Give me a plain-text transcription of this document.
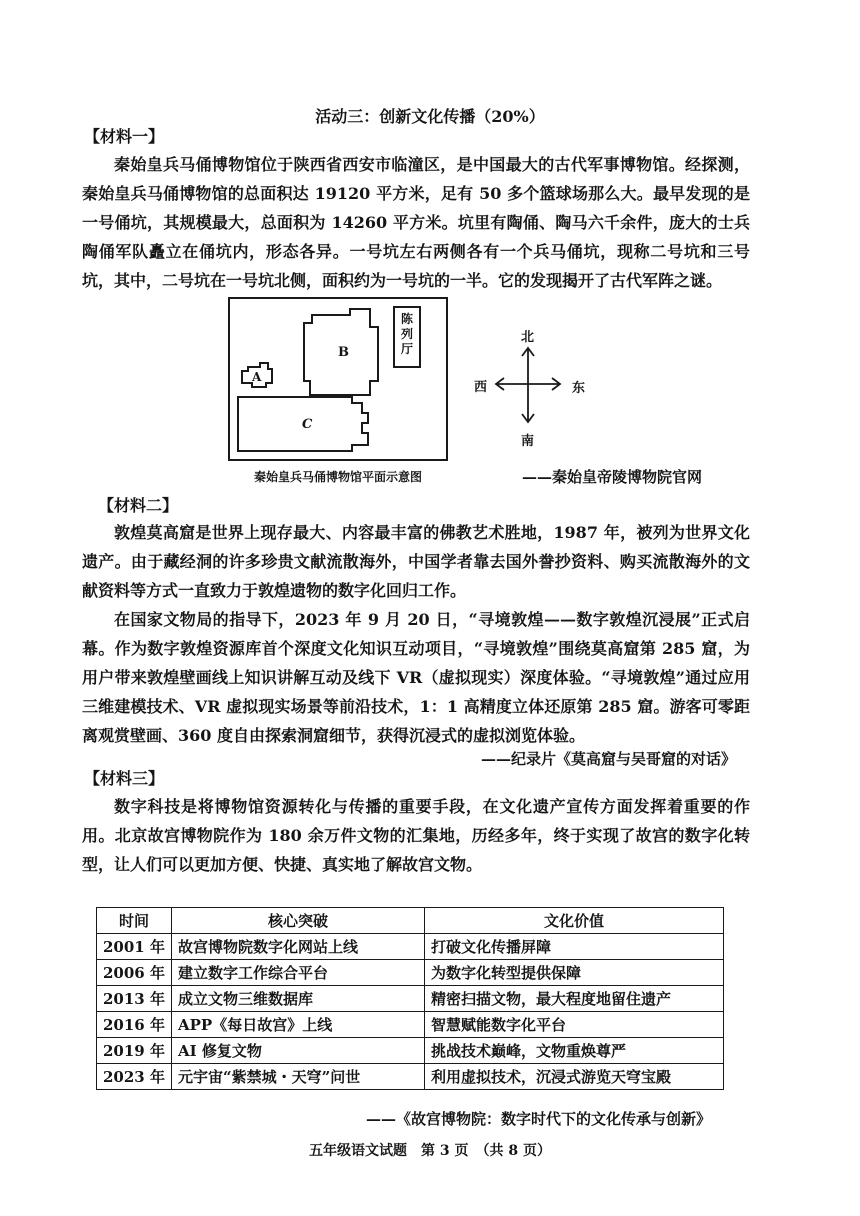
活动三：创新文化传播（20%）
【材料一】
秦始皇兵马俑博物馆位于陕西省西安市临潼区，是中国最大的古代军事博物馆。经探测，秦始皇兵马俑博物馆的总面积达 19120 平方米，足有 50 多个篮球场那么大。最早发现的是一号俑坑，其规模最大，总面积为 14260 平方米。坑里有陶俑、陶马六千余件，庞大的士兵陶俑军队矗立在俑坑内，形态各异。一号坑左右两侧各有一个兵马俑坑，现称二号坑和三号坑，其中，二号坑在一号坑北侧，面积约为一号坑的一半。它的发现揭开了古代军阵之谜。
B
A
C
陈列厅
秦始皇兵马俑博物馆平面示意图
北
南
西	东
——秦始皇帝陵博物院官网
【材料二】
敦煌莫高窟是世界上现存最大、内容最丰富的佛教艺术胜地，1987 年，被列为世界文化遗产。由于藏经洞的许多珍贵文献流散海外，中国学者靠去国外誊抄资料、购买流散海外的文献资料等方式一直致力于敦煌遗物的数字化回归工作。
在国家文物局的指导下，2023 年 9 月 20 日，“寻境敦煌——数字敦煌沉浸展”正式启幕。作为数字敦煌资源库首个深度文化知识互动项目，“寻境敦煌”围绕莫高窟第 285 窟，为用户带来敦煌壁画线上知识讲解互动及线下 VR（虚拟现实）深度体验。“寻境敦煌”通过应用三维建模技术、VR 虚拟现实场景等前沿技术，1：1 高精度立体还原第 285 窟。游客可零距离观赏壁画、360 度自由探索洞窟细节，获得沉浸式的虚拟浏览体验。
——纪录片《莫高窟与吴哥窟的对话》
【材料三】
数字科技是将博物馆资源转化与传播的重要手段，在文化遗产宣传方面发挥着重要的作用。北京故宫博物院作为 180 余万件文物的汇集地，历经多年，终于实现了故宫的数字化转型，让人们可以更加方便、快捷、真实地了解故宫文物。
时间	核心突破	文化价值
2001 年	故宫博物院数字化网站上线	打破文化传播屏障
2006 年	建立数字工作综合平台	为数字化转型提供保障
2013 年	成立文物三维数据库	精密扫描文物，最大程度地留住遗产
2016 年	APP《每日故宫》上线	智慧赋能数字化平台
2019 年	AI 修复文物	挑战技术巅峰，文物重焕尊严
2023 年	元宇宙“紫禁城・天穹”问世	利用虚拟技术，沉浸式游览天穹宝殿
——《故宫博物院：数字时代下的文化传承与创新》
五年级语文试题　第 3 页　（共 8 页）
